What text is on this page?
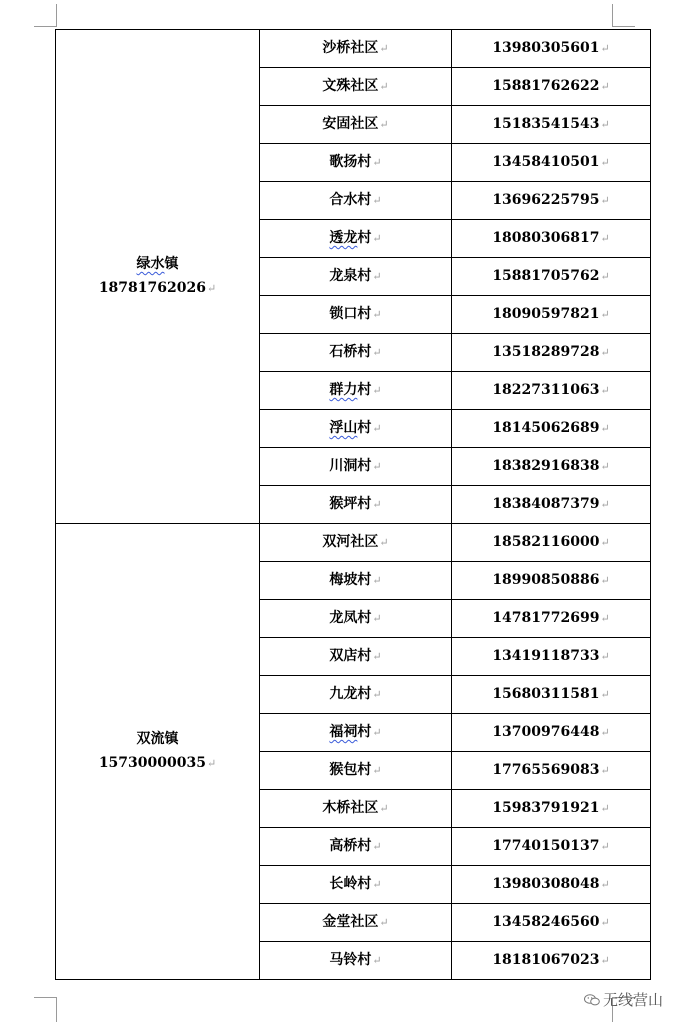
绿水镇
18781762026↵	沙桥社区↵	13980305601↵
	文殊社区↵	15881762622↵
	安固社区↵	15183541543↵
	歌扬村↵	13458410501↵
	合水村↵	13696225795↵
	透龙村↵	18080306817↵
	龙泉村↵	15881705762↵
	锁口村↵	18090597821↵
	石桥村↵	13518289728↵
	群力村↵	18227311063↵
	浮山村↵	18145062689↵
	川洞村↵	18382916838↵
	猴坪村↵	18384087379↵

双流镇
15730000035↵	双河社区↵	18582116000↵
	梅坡村↵	18990850886↵
	龙凤村↵	14781772699↵
	双店村↵	13419118733↵
	九龙村↵	15680311581↵
	福祠村↵	13700976448↵
	猴包村↵	17765569083↵
	木桥社区↵	15983791921↵
	高桥村↵	17740150137↵
	长岭村↵	13980308048↵
	金堂社区↵	13458246560↵
	马铃村↵	18181067023↵
无线营山
